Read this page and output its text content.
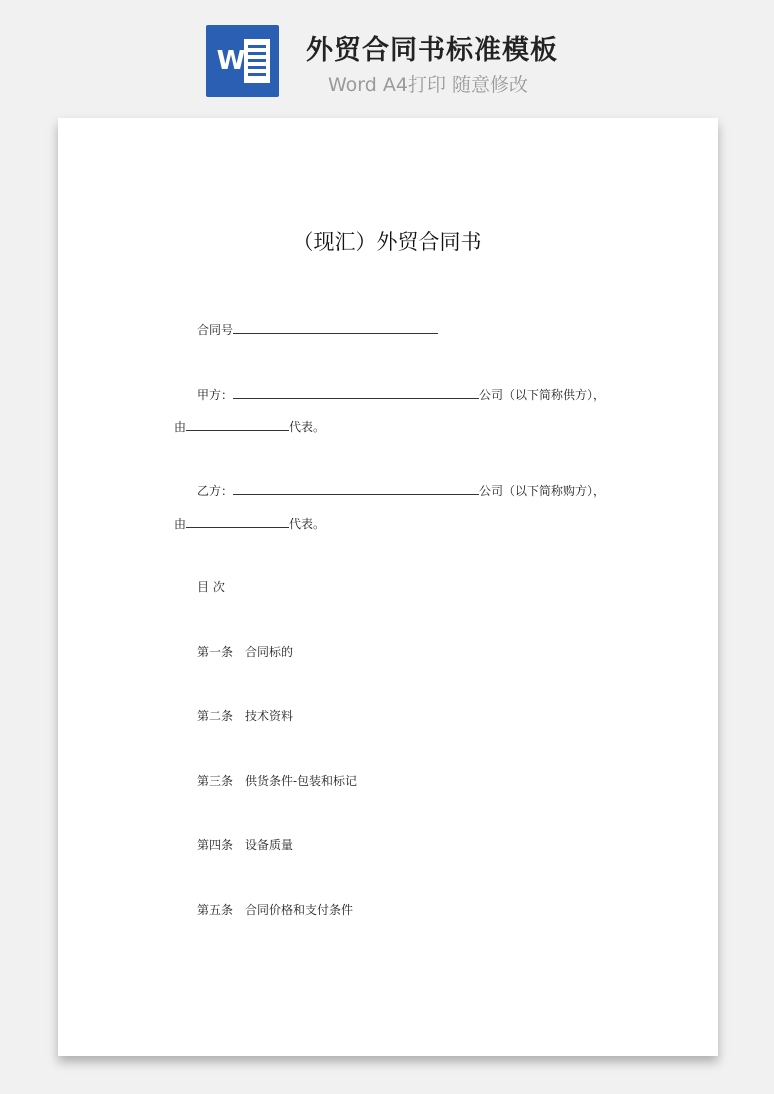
W 外贸合同书标准模板
Word A4打印 随意修改
（现汇）外贸合同书
合同号
甲方：	公司（以下简称供方），
由	代表。
乙方：	公司（以下简称购方），
由	代表。
目 次
第一条 合同标的
第二条 技术资料
第三条 供货条件-包装和标记
第四条 设备质量
第五条 合同价格和支付条件
